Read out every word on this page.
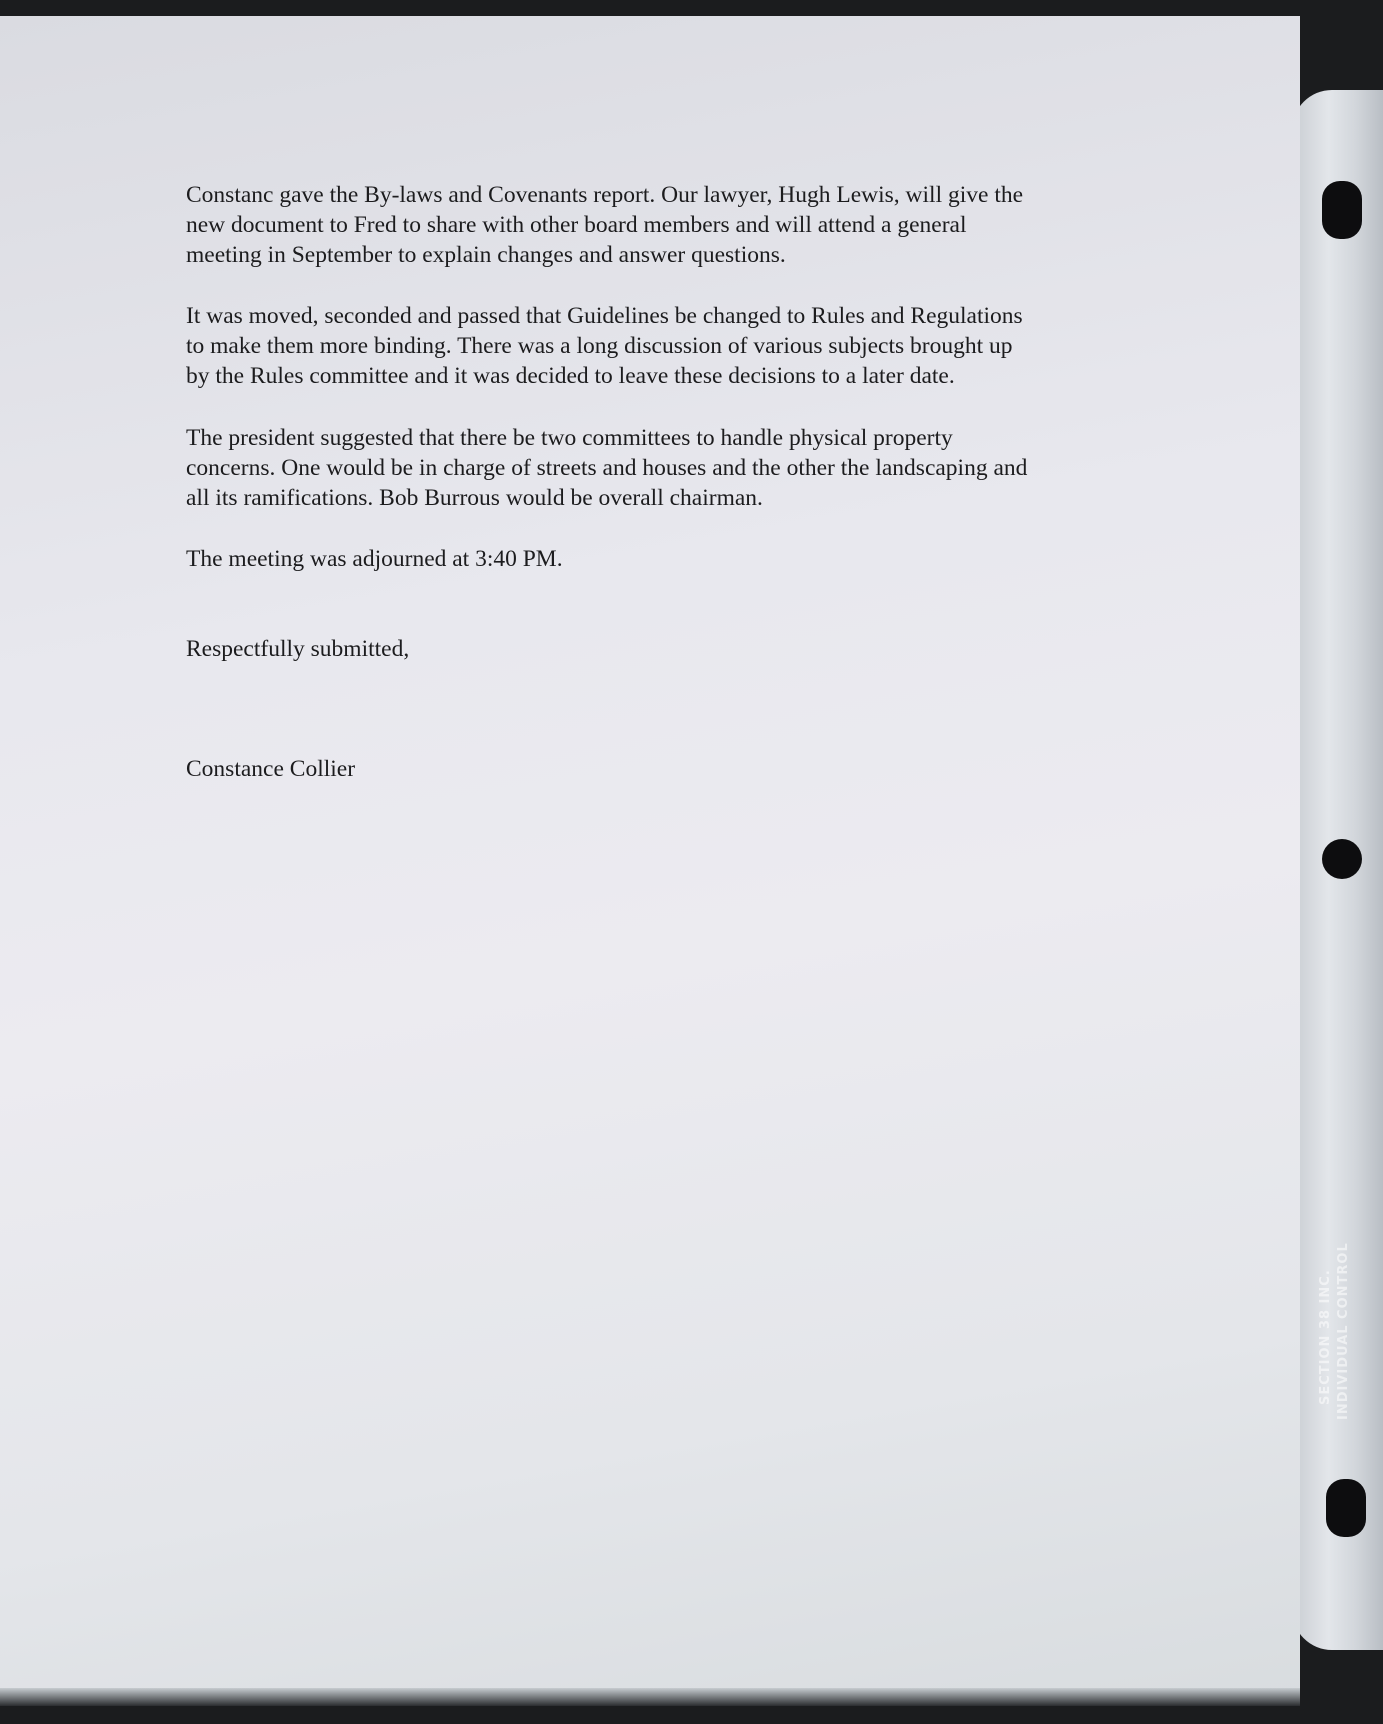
INDIVIDUAL CONTROL
SECTION 38 INC.

Constanc gave the By-laws and Covenants report. Our lawyer, Hugh Lewis, will give the
new document to Fred to share with other board members and will attend a general
meeting in September to explain changes and answer questions.

It was moved, seconded and passed that Guidelines be changed to Rules and Regulations
to make them more binding. There was a long discussion of various subjects brought up
by the Rules committee and it was decided to leave these decisions to a later date.

The president suggested that there be two committees to handle physical property
concerns. One would be in charge of streets and houses and the other the landscaping and
all its ramifications. Bob Burrous would be overall chairman.

The meeting was adjourned at 3:40 PM.

Respectfully submitted,

Constance Collier
